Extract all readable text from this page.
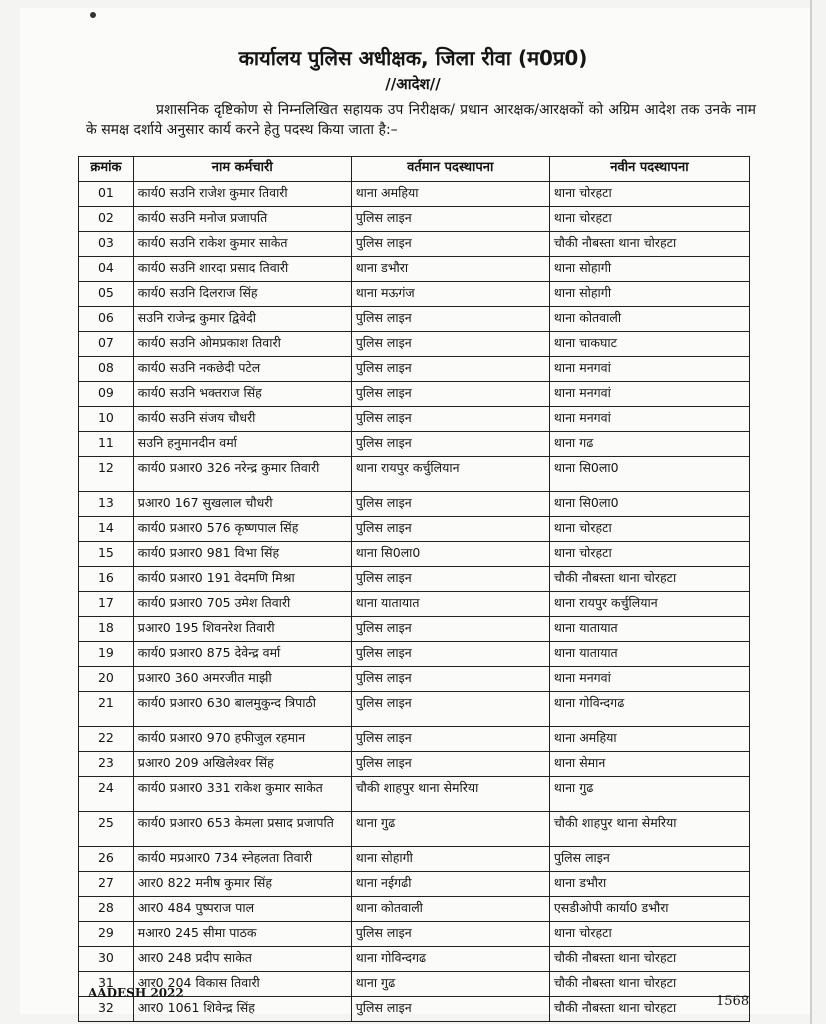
कार्यालय पुलिस अधीक्षक, जिला रीवा (म0प्र0)
//आदेश//
प्रशासनिक दृष्टिकोण से निम्नलिखित सहायक उप निरीक्षक/ प्रधान आरक्षक/आरक्षकों को अग्रिम आदेश तक उनके नाम के समक्ष दर्शाये अनुसार कार्य करने हेतु पदस्थ किया जाता है:–
क्रमांक	नाम कर्मचारी	वर्तमान पदस्थापना	नवीन पदस्थापना
01	कार्य0 सउनि राजेश कुमार तिवारी	थाना अमहिया	थाना चोरहटा
02	कार्य0 सउनि मनोज प्रजापति	पुलिस लाइन	थाना चोरहटा
03	कार्य0 सउनि राकेश कुमार साकेत	पुलिस लाइन	चौकी नौबस्ता थाना चोरहटा
04	कार्य0 सउनि शारदा प्रसाद तिवारी	थाना डभौरा	थाना सोहागी
05	कार्य0 सउनि दिलराज सिंह	थाना मऊगंज	थाना सोहागी
06	सउनि राजेन्द्र कुमार द्विवेदी	पुलिस लाइन	थाना कोतवाली
07	कार्य0 सउनि ओमप्रकाश तिवारी	पुलिस लाइन	थाना चाकघाट
08	कार्य0 सउनि नकछेदी पटेल	पुलिस लाइन	थाना मनगवां
09	कार्य0 सउनि भक्तराज सिंह	पुलिस लाइन	थाना मनगवां
10	कार्य0 सउनि संजय चौधरी	पुलिस लाइन	थाना मनगवां
11	सउनि हनुमानदीन वर्मा	पुलिस लाइन	थाना गढ
12	कार्य0 प्रआर0 326 नरेन्द्र कुमार तिवारी	थाना रायपुर कर्चुलियान	थाना सि0ला0
13	प्रआर0 167 सुखलाल चौधरी	पुलिस लाइन	थाना सि0ला0
14	कार्य0 प्रआर0 576 कृष्णपाल सिंह	पुलिस लाइन	थाना चोरहटा
15	कार्य0 प्रआर0 981 विभा सिंह	थाना सि0ला0	थाना चोरहटा
16	कार्य0 प्रआर0 191 वेदमणि मिश्रा	पुलिस लाइन	चौकी नौबस्ता थाना चोरहटा
17	कार्य0 प्रआर0 705 उमेश तिवारी	थाना यातायात	थाना रायपुर कर्चुलियान
18	प्रआर0 195 शिवनरेश तिवारी	पुलिस लाइन	थाना यातायात
19	कार्य0 प्रआर0 875 देवेन्द्र वर्मा	पुलिस लाइन	थाना यातायात
20	प्रआर0 360 अमरजीत माझी	पुलिस लाइन	थाना मनगवां
21	कार्य0 प्रआर0 630 बालमुकुन्द त्रिपाठी	पुलिस लाइन	थाना गोविन्दगढ
22	कार्य0 प्रआर0 970 हफीजुल रहमान	पुलिस लाइन	थाना अमहिया
23	प्रआर0 209 अखिलेश्वर सिंह	पुलिस लाइन	थाना सेमान
24	कार्य0 प्रआर0 331 राकेश कुमार साकेत	चौकी शाहपुर थाना सेमरिया	थाना गुढ
25	कार्य0 प्रआर0 653 केमला प्रसाद प्रजापति	थाना गुढ	चौकी शाहपुर थाना सेमरिया
26	कार्य0 मप्रआर0 734 स्नेहलता तिवारी	थाना सोहागी	पुलिस लाइन
27	आर0 822 मनीष कुमार सिंह	थाना नईगढी	थाना डभौरा
28	आर0 484 पुष्पराज पाल	थाना कोतवाली	एसडीओपी कार्या0 डभौरा
29	मआर0 245 सीमा पाठक	पुलिस लाइन	थाना चोरहटा
30	आर0 248 प्रदीप साकेत	थाना गोविन्दगढ	चौकी नौबस्ता थाना चोरहटा
31	आर0 204 विकास तिवारी	थाना गुढ	चौकी नौबस्ता थाना चोरहटा
32	आर0 1061 शिवेन्द्र सिंह	पुलिस लाइन	चौकी नौबस्ता थाना चोरहटा
AADESH 2022
1568
